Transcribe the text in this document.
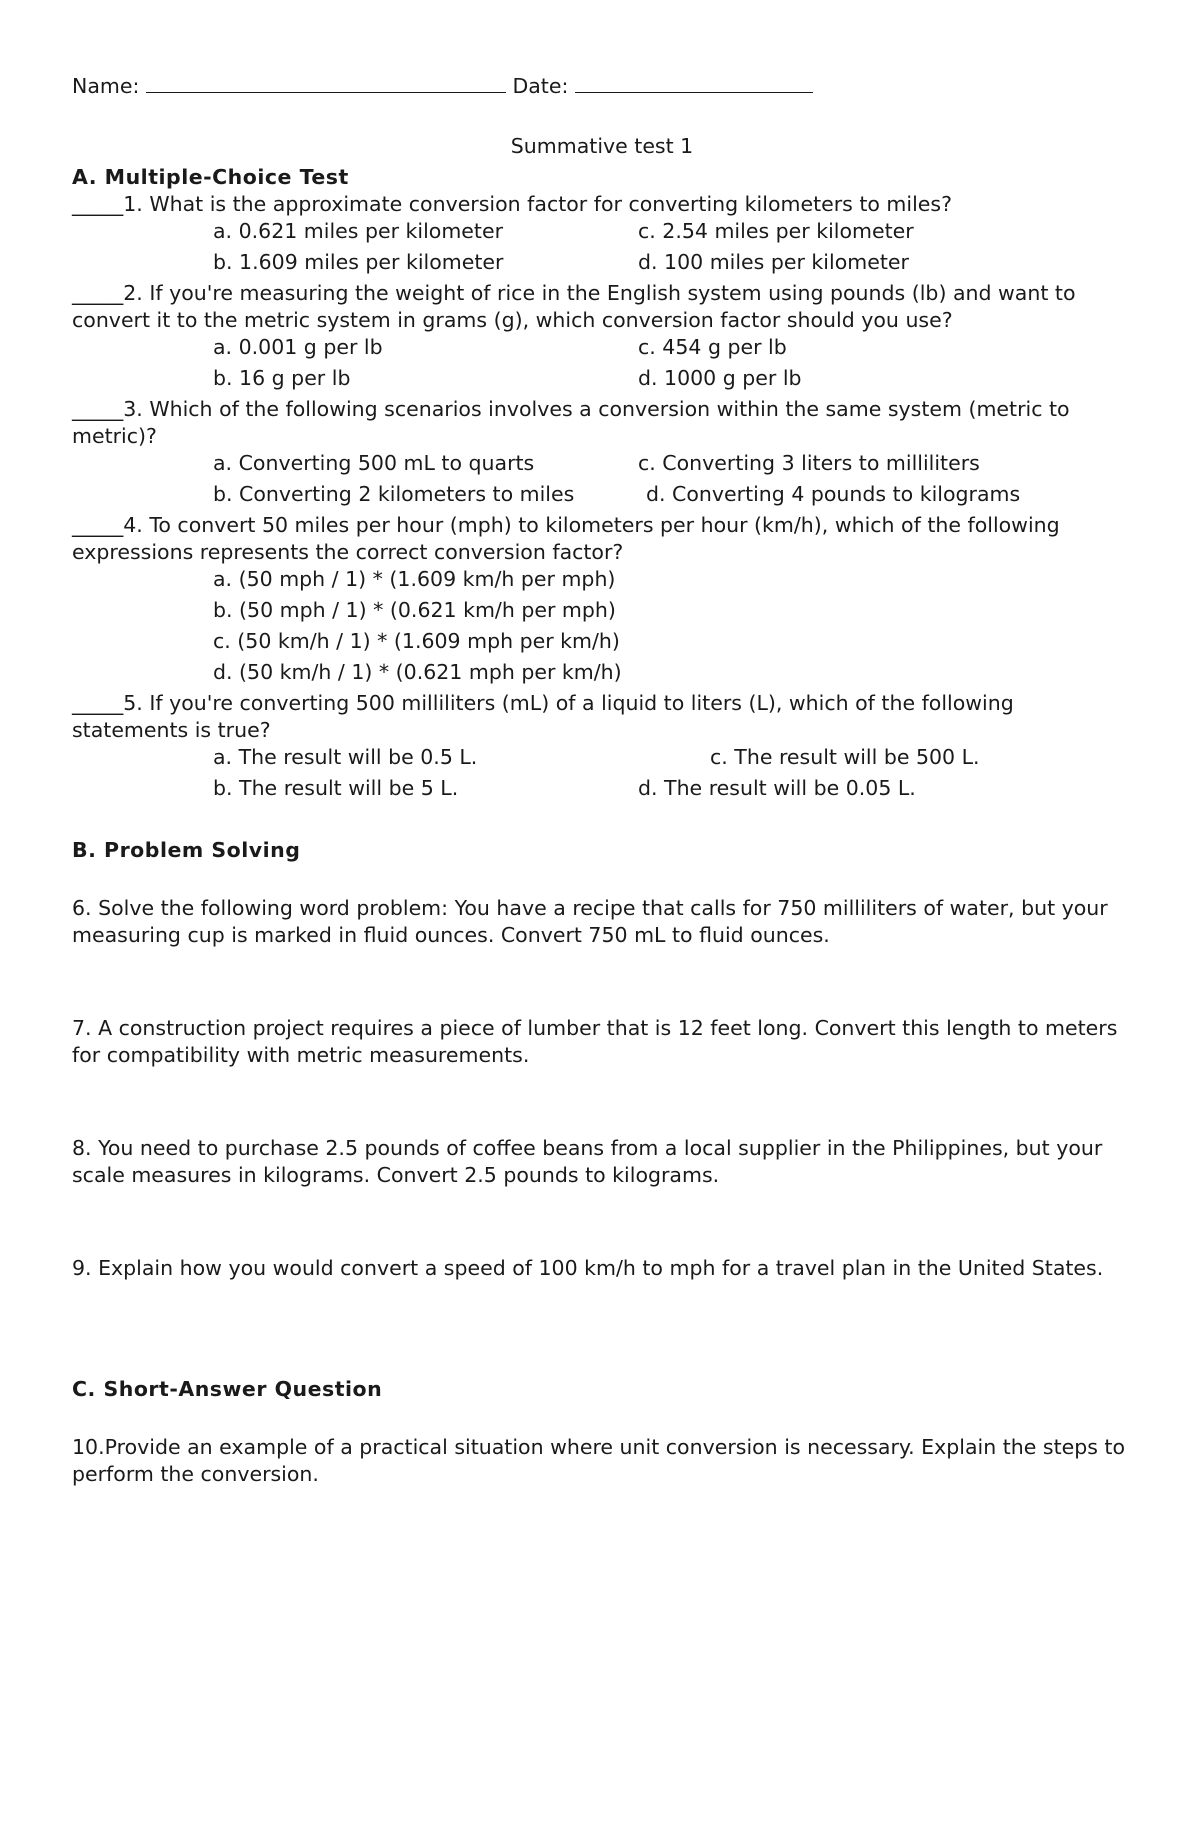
Name:	Date:
Summative test 1
A. Multiple-Choice Test
_____1. What is the approximate conversion factor for converting kilometers to miles?
a. 0.621 miles per kilometer	c. 2.54 miles per kilometer
b. 1.609 miles per kilometer	d. 100 miles per kilometer
_____2. If you're measuring the weight of rice in the English system using pounds (lb) and want to convert it to the metric system in grams (g), which conversion factor should you use?
a. 0.001 g per lb	c. 454 g per lb
b. 16 g per lb	d. 1000 g per lb
_____3. Which of the following scenarios involves a conversion within the same system (metric to metric)?
a. Converting 500 mL to quarts	c. Converting 3 liters to milliliters
b. Converting 2 kilometers to miles	d. Converting 4 pounds to kilograms
_____4. To convert 50 miles per hour (mph) to kilometers per hour (km/h), which of the following expressions represents the correct conversion factor?
a. (50 mph / 1) * (1.609 km/h per mph)
b. (50 mph / 1) * (0.621 km/h per mph)
c. (50 km/h / 1) * (1.609 mph per km/h)
d. (50 km/h / 1) * (0.621 mph per km/h)
_____5. If you're converting 500 milliliters (mL) of a liquid to liters (L), which of the following statements is true?
a. The result will be 0.5 L.	c. The result will be 500 L.
b. The result will be 5 L.	d. The result will be 0.05 L.
B. Problem Solving
6. Solve the following word problem: You have a recipe that calls for 750 milliliters of water, but your measuring cup is marked in fluid ounces. Convert 750 mL to fluid ounces.
7. A construction project requires a piece of lumber that is 12 feet long. Convert this length to meters for compatibility with metric measurements.
8. You need to purchase 2.5 pounds of coffee beans from a local supplier in the Philippines, but your scale measures in kilograms. Convert 2.5 pounds to kilograms.
9. Explain how you would convert a speed of 100 km/h to mph for a travel plan in the United States.
C. Short-Answer Question
10.Provide an example of a practical situation where unit conversion is necessary. Explain the steps to perform the conversion.
